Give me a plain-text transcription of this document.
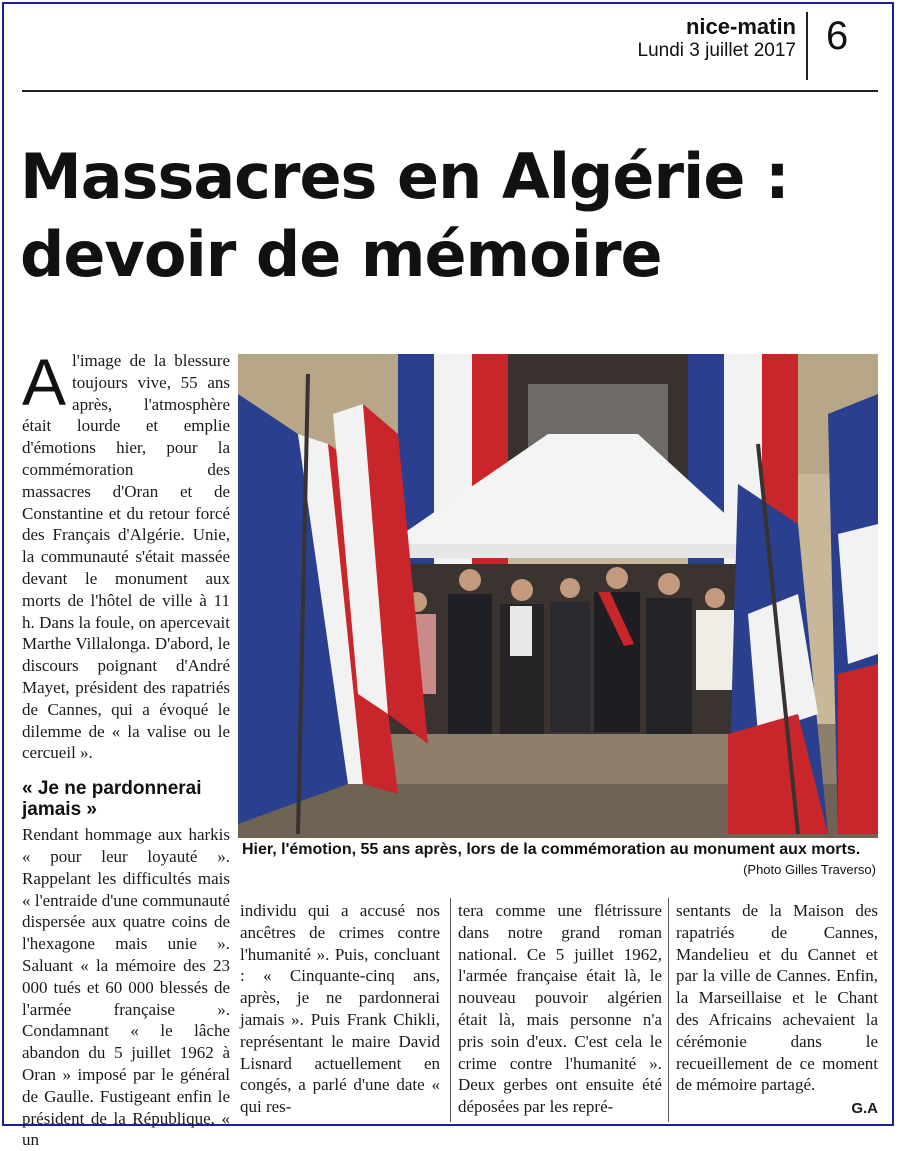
nice-matin
Lundi 3 juillet 2017 6
Massacres en Algérie :
devoir de mémoire
A l'image de la blessure toujours vive, 55 ans après, l'atmosphère était lourde et emplie d'émotions hier, pour la commémoration des massacres d'Oran et de Constantine et du retour forcé des Français d'Algérie. Unie, la communauté s'était massée devant le monument aux morts de l'hôtel de ville à 11 h. Dans la foule, on apercevait Marthe Villalonga. D'abord, le discours poignant d'André Mayet, président des rapatriés de Cannes, qui a évoqué le dilemme de « la valise ou le cercueil ».

« Je ne pardonnerai jamais »

Rendant hommage aux harkis « pour leur loyauté ». Rappelant les difficultés mais « l'entraide d'une communauté dispersée aux quatre coins de l'hexagone mais unie ». Saluant « la mémoire des 23 000 tués et 60 000 blessés de l'armée française ». Condamnant « le lâche abandon du 5 juillet 1962 à Oran » imposé par le général de Gaulle. Fustigeant enfin le président de la République, « un

Hier, l'émotion, 55 ans après, lors de la commémoration au monument aux morts.
(Photo Gilles Traverso)

individu qui a accusé nos ancêtres de crimes contre l'humanité ». Puis, concluant : « Cinquante-cinq ans, après, je ne pardonnerai jamais ». Puis Frank Chikli, représentant le maire David Lisnard actuellement en congés, a parlé d'une date « qui res-

tera comme une flétrissure dans notre grand roman national. Ce 5 juillet 1962, l'armée française était là, le nouveau pouvoir algérien était là, mais personne n'a pris soin d'eux. C'est cela le crime contre l'humanité ». Deux gerbes ont ensuite été déposées par les repré-

sentants de la Maison des rapatriés de Cannes, Mandelieu et du Cannet et par la ville de Cannes. Enfin, la Marseillaise et le Chant des Africains achevaient la cérémonie dans le recueillement de ce moment de mémoire partagé.

G.A
